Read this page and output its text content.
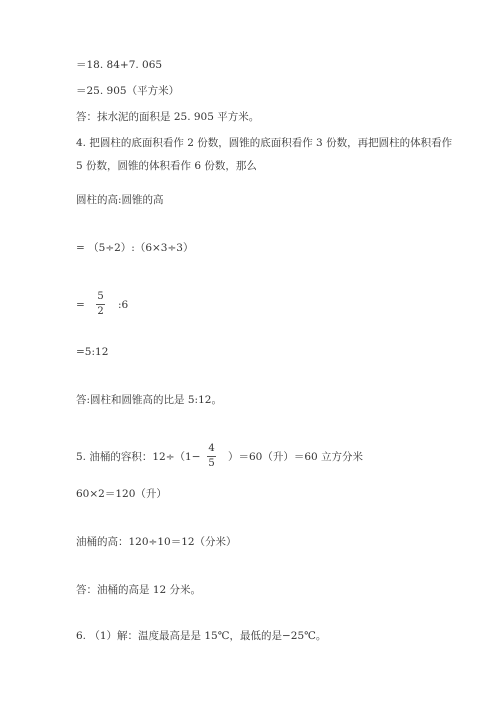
＝18. 84+7. 065
＝25. 905（平方米）
答：抹水泥的面积是 25. 905 平方米。
4. 把圆柱的底面积看作 2 份数，圆锥的底面积看作 3 份数，再把圆柱的体积看作
5 份数，圆锥的体积看作 6 份数，那么
圆柱的高:圆锥的高
= （5÷2）:（6×3÷3）
=
5
2
:6
=5:12
答:圆柱和圆锥高的比是 5:12。
5. 油桶的容积：12÷（1−
4
5
）＝60（升）＝60 立方分米
60×2＝120（升）
油桶的高：120÷10＝12（分米）
答：油桶的高是 12 分米。
6. （1）解：温度最高是是 15℃，最低的是−25℃。
